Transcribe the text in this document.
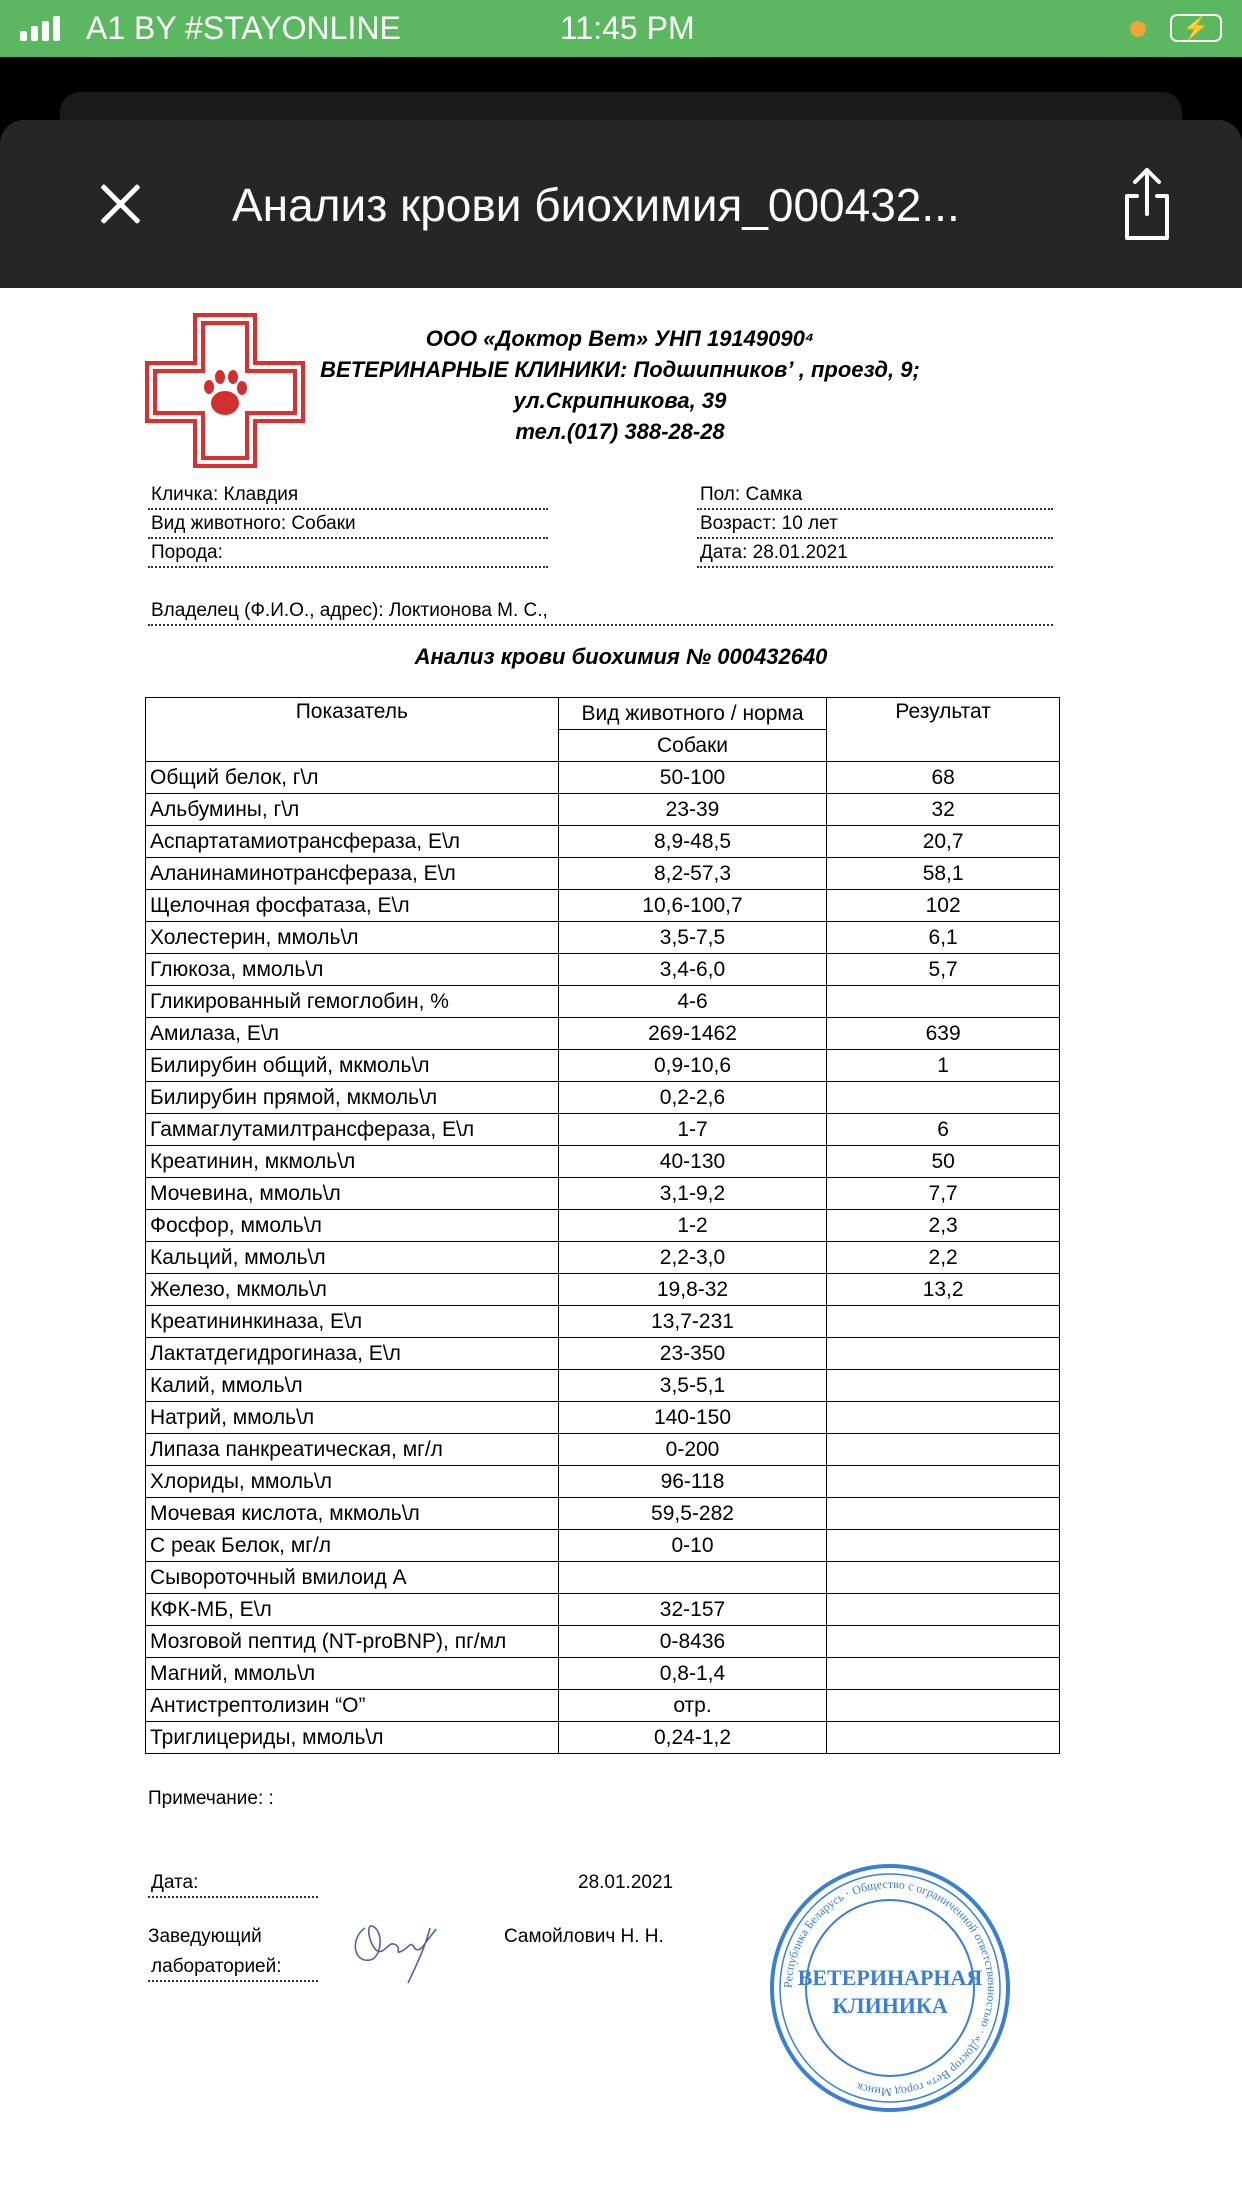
A1 BY #STAYONLINE	11:45 PM	⚡
Анализ крови биохимия_000432...
ООО «Доктор Вет» УНП 19149090⁴
ВЕТЕРИНАРНЫЕ КЛИНИКИ: Подшипников’ , проезд, 9;
ул.Скрипникова, 39
тел.(017) 388-28-28
Кличка: Клавдия
Вид животного: Собаки
Порода:
Пол: Самка
Возраст: 10 лет
Дата: 28.01.2021
Владелец (Ф.И.О., адрес): Локтионова М. С.,
Анализ крови биохимия № 000432640
Показатель	Вид животного / норма	Результат
	Собаки	
Общий белок, г\л	50-100	68
Альбумины, г\л	23-39	32
Аспартатамиотрансфераза, Е\л	8,9-48,5	20,7
Аланинаминотрансфераза, Е\л	8,2-57,3	58,1
Щелочная фосфатаза, Е\л	10,6-100,7	102
Холестерин, ммоль\л	3,5-7,5	6,1
Глюкоза, ммоль\л	3,4-6,0	5,7
Гликированный гемоглобин, %	4-6	
Амилаза, Е\л	269-1462	639
Билирубин общий, мкмоль\л	0,9-10,6	1
Билирубин прямой, мкмоль\л	0,2-2,6	
Гаммаглутамилтрансфераза, Е\л	1-7	6
Креатинин, мкмоль\л	40-130	50
Мочевина, ммоль\л	3,1-9,2	7,7
Фосфор, ммоль\л	1-2	2,3
Кальций, ммоль\л	2,2-3,0	2,2
Железо, мкмоль\л	19,8-32	13,2
Креатининкиназа, Е\л	13,7-231	
Лактатдегидрогиназа, Е\л	23-350	
Калий, ммоль\л	3,5-5,1	
Натрий, ммоль\л	140-150	
Липаза панкреатическая, мг/л	0-200	
Хлориды, ммоль\л	96-118	
Мочевая кислота, мкмоль\л	59,5-282	
С реак Белок, мг/л	0-10	
Сывороточный вмилоид А		
КФК-МБ, Е\л	32-157	
Мозговой пептид (NT-proBNP), пг/мл	0-8436	
Магний, ммоль\л	0,8-1,4	
Антистрептолизин “О”	отр.	
Триглицериды, ммоль\л	0,24-1,2	
Примечание: :
Дата:	28.01.2021
Заведующий
лабораторией:
Самойлович Н. Н.
Республика Беларусь · Общество с ограниченной ответственностью · «Доктор Вет» город Минск
ВЕТЕРИНАРНАЯ
КЛИНИКА
